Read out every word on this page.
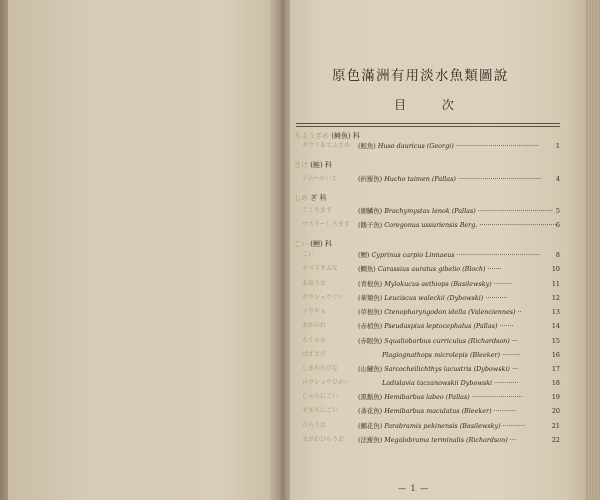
原色滿洲有用淡水魚類圖說
目 次
ちようざめ (鱘魚) 科
ダウリあてふざめ (鰉魚) Huso dauricus (Georgi) ·········································	1
さけ (鮭) 科
アムールいと	(折羅魚) Hucho taimen (Pallas) ········································· 4
しめ ぎ 科
こくちます	(細鱗魚) Brachymystax lenok (Pallas) ····································· 5
ウスリーしろます (鵝子魚) Coregonus ussuriensis Berg. ······································ 6
こい (鯉) 科
こい	(鯉) Cyprinus carpio Linnaeus ········································· 8
ギベリオぶな	(鯽魚) Carassius auratus gibelio (Bloch) ·······	10
あおうお	(青根魚) Mylokucus aethiops (Basilewsky) ·········	11
ボウシュウぐい (華類魚) Leuciscus waleckii (Dybowski) ···········	12
ソウギョ	(草根魚) Ctenopharyngodon idella (Valenciennes) ··	13
あかひれ	(赤梢魚) Pseudaspius leptocephalus (Pallas) ·······	14
ちくらめ	(赤眼魚) Squaliobarbus curriculus (Richardson) ···	15
はすとげ	Plagiognathops microlepis (Bleeker) ·········	16
しまかわびな	(山鰱魚) Sarcocheilichthys lacustris (Dybowski) ···	17
ロウシュウひがい	Ladislavia taczanowskii Dybowski ············	18
じゃらにごい	(黑鬍魚) Hemibarbus labeo (Pallas) ·························	19
ずまちにごい	(斎花魚) Hemibarbus maculatus (Bleeker) ···········	20
ひらうお	(鰅花魚) Parabramis pekinensis (Basilewsky) ···········	21
まがわひらうお (法羅魚) Megalobrama terminalis (Richardson) ···	22
— 1 —
